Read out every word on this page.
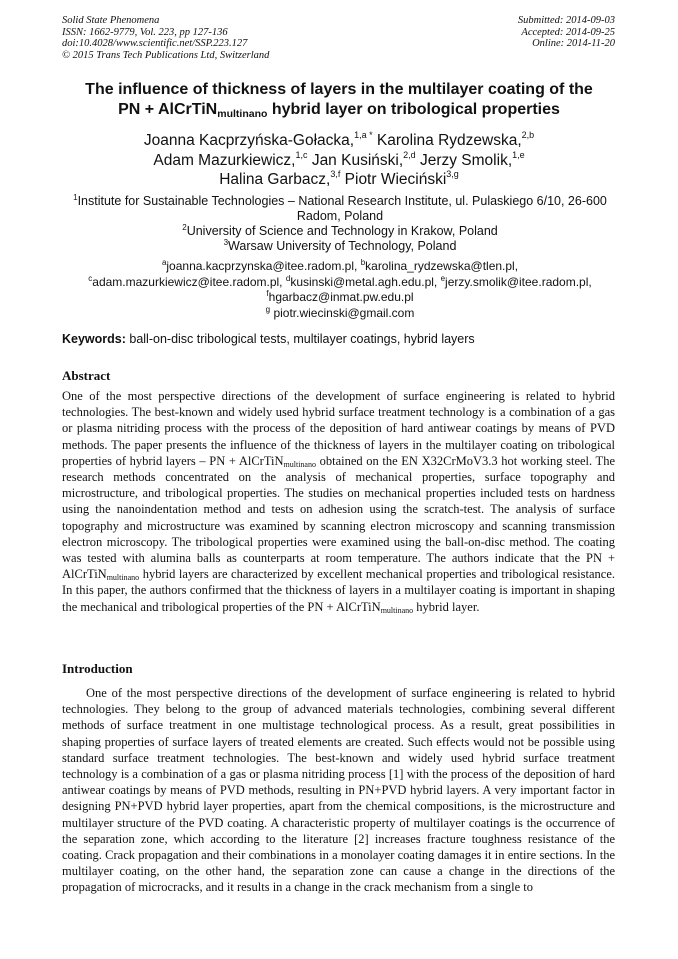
Solid State Phenomena
ISSN: 1662-9779, Vol. 223, pp 127-136
doi:10.4028/www.scientific.net/SSP.223.127
© 2015 Trans Tech Publications Ltd, Switzerland
Submitted: 2014-09-03
Accepted: 2014-09-25
Online: 2014-11-20
The influence of thickness of layers in the multilayer coating of the
PN + AlCrTiN$_{multinano}$ hybrid layer on tribological properties
Joanna Kacprzyńska-Gołacka,$^{1,a *}$ Karolina Rydzewska,$^{2,b}$
Adam Mazurkiewicz,$^{1,c}$ Jan Kusiński,$^{2,d}$ Jerzy Smolik,$^{1,e}$
Halina Garbacz,$^{3,f}$ Piotr Wieciński$^{3,g}$
$^1$Institute for Sustainable Technologies – National Research Institute, ul. Pulaskiego 6/10, 26-600
Radom, Poland
$^2$University of Science and Technology in Krakow, Poland
$^3$Warsaw University of Technology, Poland
$^a$joanna.kacprzynska@itee.radom.pl, $^b$karolina_rydzewska@tlen.pl,
$^c$adam.mazurkiewicz@itee.radom.pl, $^d$kusinski@metal.agh.edu.pl, $^e$jerzy.smolik@itee.radom.pl,
$^f$hgarbacz@inmat.pw.edu.pl
$^g$ piotr.wiecinski@gmail.com
Keywords: ball-on-disc tribological tests, multilayer coatings, hybrid layers
Abstract
One of the most perspective directions of the development of surface engineering is related to hybrid technologies. The best-known and widely used hybrid surface treatment technology is a combination of a gas or plasma nitriding process with the process of the deposition of hard antiwear coatings by means of PVD methods. The paper presents the influence of the thickness of layers in the multilayer coating on tribological properties of hybrid layers – PN + AlCrTiN$_{multinano}$ obtained on the EN X32CrMoV3.3 hot working steel. The research methods concentrated on the analysis of mechanical properties, surface topography and microstructure, and tribological properties. The studies on mechanical properties included tests on hardness using the nanoindentation method and tests on adhesion using the scratch-test. The analysis of surface topography and microstructure was examined by scanning electron microscopy and scanning transmission electron microscopy. The tribological properties were examined using the ball-on-disc method. The coating was tested with alumina balls as counterparts at room temperature. The authors indicate that the PN + AlCrTiN$_{multinano}$ hybrid layers are characterized by excellent mechanical properties and tribological resistance. In this paper, the authors confirmed that the thickness of layers in a multilayer coating is important in shaping the mechanical and tribological properties of the PN + AlCrTiN$_{multinano}$ hybrid layer.
Introduction
One of the most perspective directions of the development of surface engineering is related to hybrid technologies. They belong to the group of advanced materials technologies, combining several different methods of surface treatment in one multistage technological process. As a result, great possibilities in shaping properties of surface layers of treated elements are created. Such effects would not be possible using standard surface treatment technologies. The best-known and widely used hybrid surface treatment technology is a combination of a gas or plasma nitriding process [1] with the process of the deposition of hard antiwear coatings by means of PVD methods, resulting in PN+PVD hybrid layers. A very important factor in designing PN+PVD hybrid layer properties, apart from the chemical compositions, is the microstructure and multilayer structure of the PVD coating. A characteristic property of multilayer coatings is the occurrence of the separation zone, which according to the literature [2] increases fracture toughness resistance of the coating. Crack propagation and their combinations in a monolayer coating damages it in entire sections. In the multilayer coating, on the other hand, the separation zone can cause a change in the directions of the propagation of microcracks, and it results in a change in the crack mechanism from a single to
